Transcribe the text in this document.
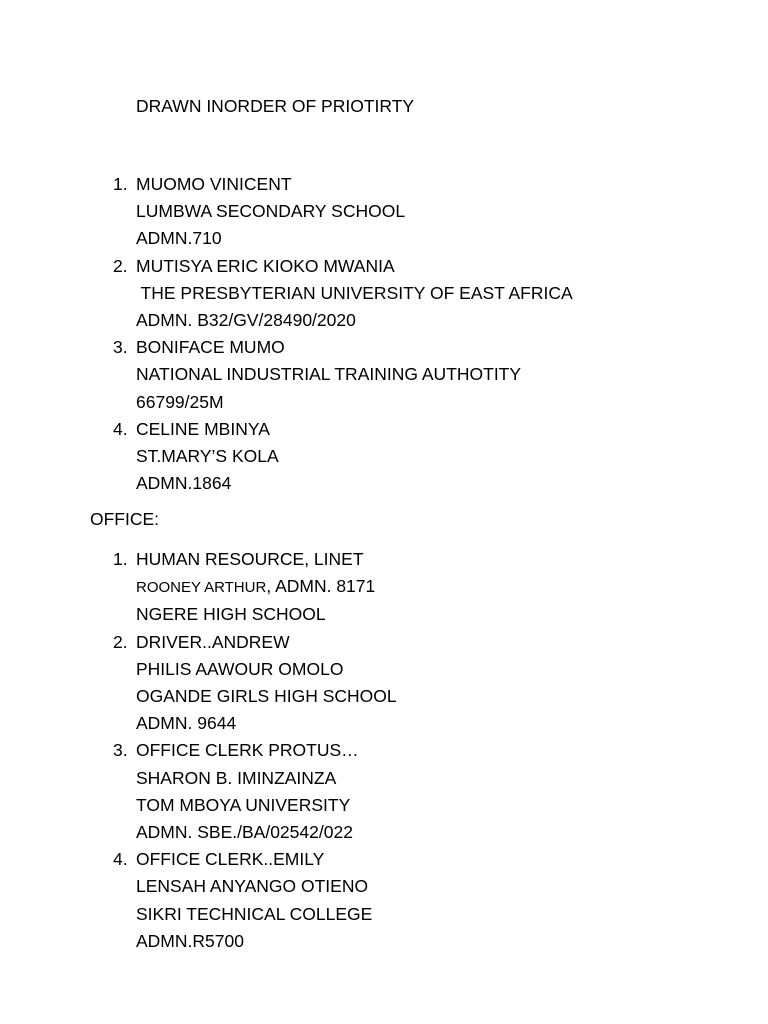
DRAWN INORDER OF PRIOTIRTY
1. MUOMO VINICENT
LUMBWA SECONDARY SCHOOL
ADMN.710
2. MUTISYA ERIC KIOKO MWANIA
THE PRESBYTERIAN UNIVERSITY OF EAST AFRICA
ADMN. B32/GV/28490/2020
3. BONIFACE MUMO
NATIONAL INDUSTRIAL TRAINING AUTHOTITY
66799/25M
4. CELINE MBINYA
ST.MARY’S KOLA
ADMN.1864
OFFICE:
1. HUMAN RESOURCE, LINET
ROONEY ARTHUR, ADMN. 8171
NGERE HIGH SCHOOL
2. DRIVER..ANDREW
PHILIS AAWOUR OMOLO
OGANDE GIRLS HIGH SCHOOL
ADMN. 9644
3. OFFICE CLERK PROTUS…
SHARON B. IMINZAINZA
TOM MBOYA UNIVERSITY
ADMN. SBE./BA/02542/022
4. OFFICE CLERK..EMILY
LENSAH ANYANGO OTIENO
SIKRI TECHNICAL COLLEGE
ADMN.R5700
